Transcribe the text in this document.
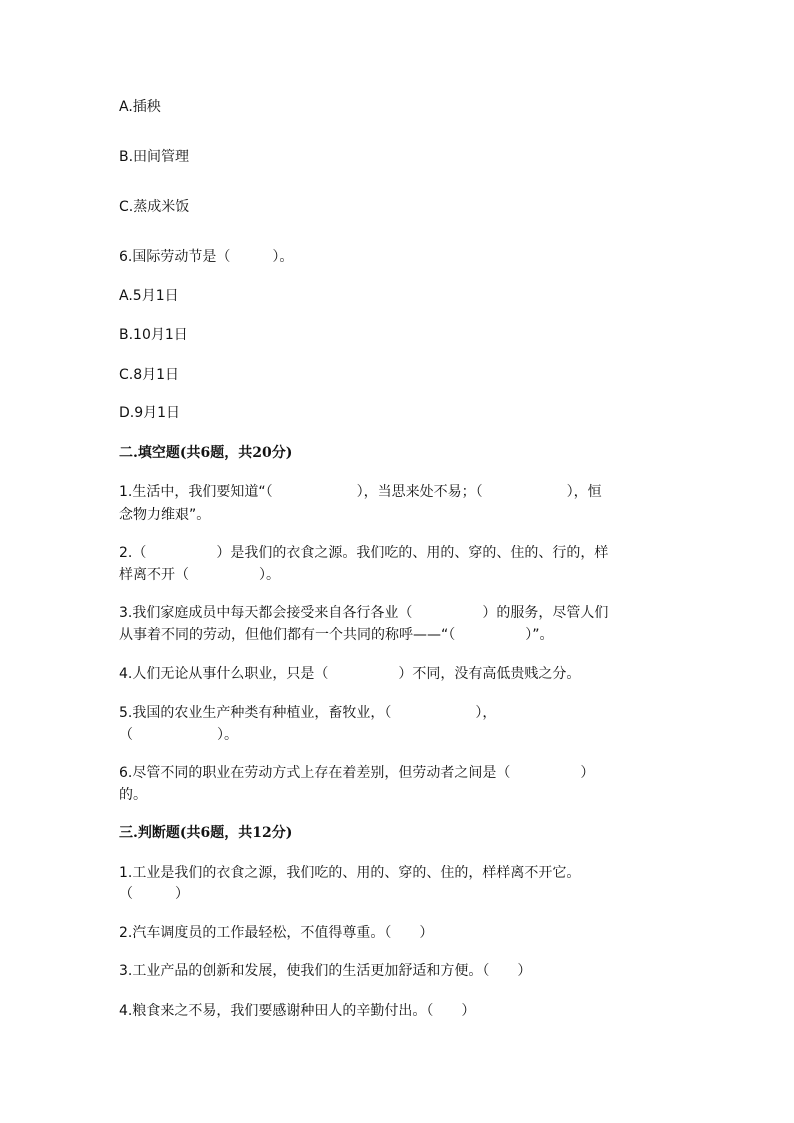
A.插秧
B.田间管理
C.蒸成米饭
6.国际劳动节是（　　　）。
A.5月1日
B.10月1日
C.8月1日
D.9月1日
二.填空题(共6题，共20分)
1.生活中，我们要知道“（　　　　　　），当思来处不易；（　　　　　　），恒
念物力维艰”。
2.（　　　　　）是我们的衣食之源。我们吃的、用的、穿的、住的、行的，样
样离不开（　　　　　）。
3.我们家庭成员中每天都会接受来自各行各业（　　　　　）的服务，尽管人们
从事着不同的劳动，但他们都有一个共同的称呼——“（　　　　　）”。
4.人们无论从事什么职业，只是（　　　　　）不同，没有高低贵贱之分。
5.我国的农业生产种类有种植业，畜牧业，（　　　　　　），
（　　　　　　）。
6.尽管不同的职业在劳动方式上存在着差别，但劳动者之间是（　　　　　）
的。
三.判断题(共6题，共12分)
1.工业是我们的衣食之源，我们吃的、用的、穿的、住的，样样离不开它。
（　　　）
2.汽车调度员的工作最轻松，不值得尊重。（　　）
3.工业产品的创新和发展，使我们的生活更加舒适和方便。（　　）
4.粮食来之不易，我们要感谢种田人的辛勤付出。（　　）
